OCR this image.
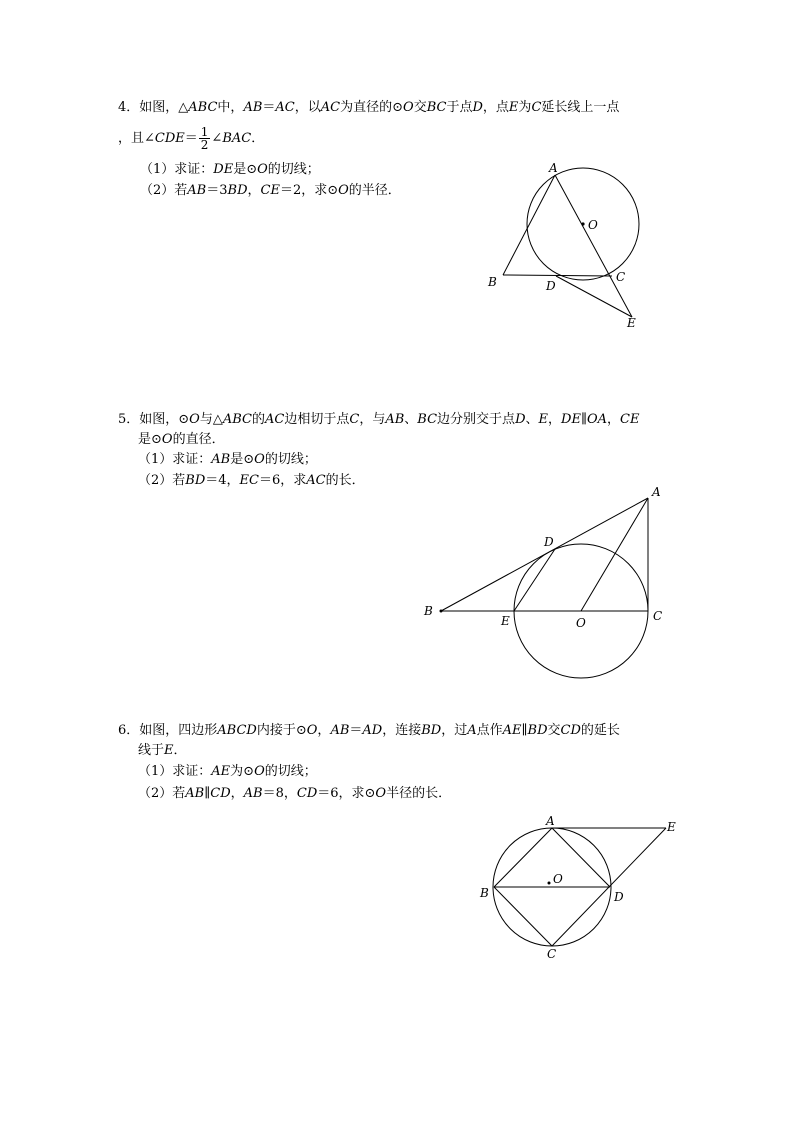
4．如图，△ABC中，AB＝AC，以AC为直径的⊙O交BC于点D，点E为C延长线上一点
，且∠CDE＝ $\frac{1}{2}$ ∠BAC．
（1）求证：DE是⊙O的切线；
（2）若AB＝3BD，CE＝2，求⊙O的半径．
A
O
B	C
D
E
5．如图，⊙O与△ABC的AC边相切于点C，与AB、BC边分别交于点D、E，DE∥OA，CE
是⊙O的直径．
（1）求证：AB是⊙O的切线；
（2）若BD＝4，EC＝6，求AC的长．
A
D
B
E	O	C
6．如图，四边形ABCD内接于⊙O，AB＝AD，连接BD，过A点作AE∥BD交CD的延长
线于E．
（1）求证：AE为⊙O的切线；
（2）若AB∥CD，AB＝8，CD＝6，求⊙O半径的长．
A	E
B
O
D
C
